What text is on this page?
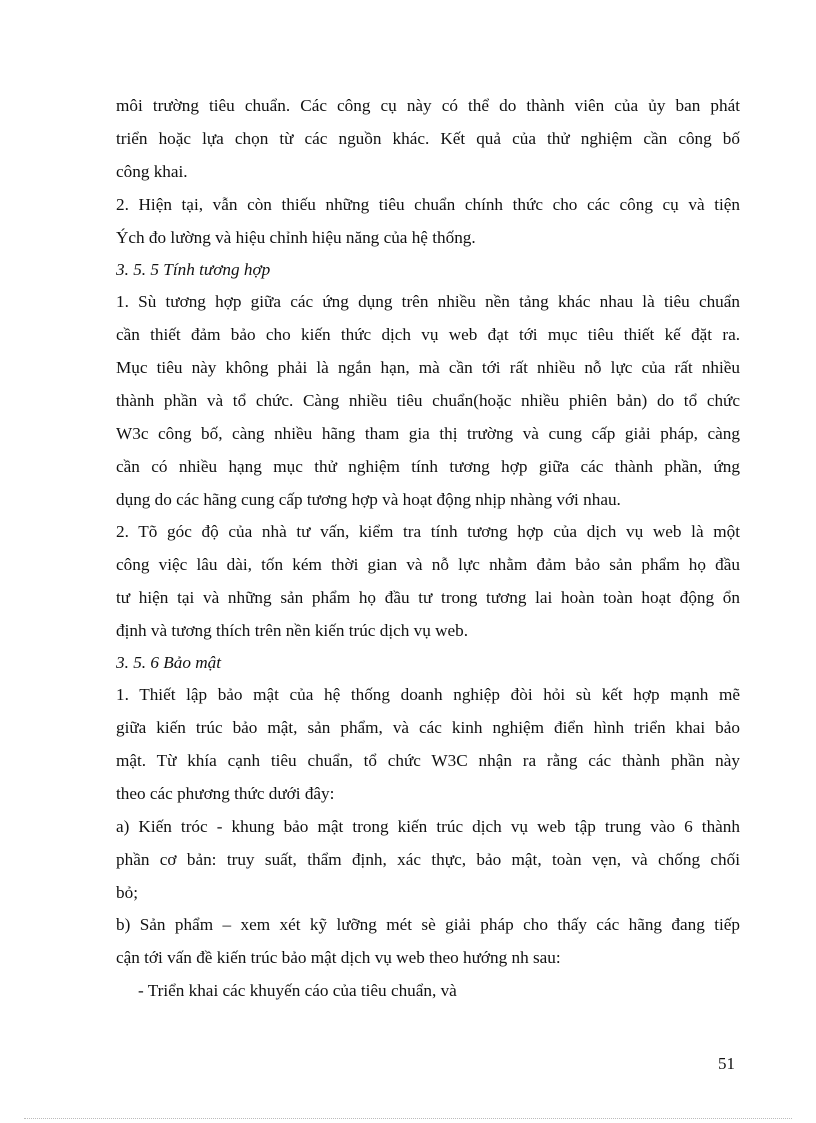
môi trường tiêu chuẩn. Các công cụ này có thể do thành viên của ủy ban phát
triển hoặc lựa chọn từ các nguồn khác. Kết quả của thử nghiệm cần công bố
công khai.
2. Hiện tại, vẫn còn thiếu những tiêu chuẩn chính thức cho các công cụ và tiện
Ých đo lường và hiệu chỉnh hiệu năng của hệ thống.
3. 5. 5 Tính tương hợp
1. Sù tương hợp giữa các ứng dụng trên nhiều nền tảng khác nhau là tiêu chuẩn
cần thiết đảm bảo cho kiến thức dịch vụ web đạt tới mục tiêu thiết kế đặt ra.
Mục tiêu này không phải là ngắn hạn, mà cần tới rất nhiều nỗ lực của rất nhiều
thành phần và tổ chức. Càng nhiều tiêu chuẩn(hoặc nhiều phiên bản) do tổ chức
W3c công bố, càng nhiều hãng tham gia thị trường và cung cấp giải pháp, càng
cần có nhiều hạng mục thử nghiệm tính tương hợp giữa các thành phần, ứng
dụng do các hãng cung cấp tương hợp và hoạt động nhịp nhàng với nhau.
2. Tõ góc độ của nhà tư vấn, kiểm tra tính tương hợp của dịch vụ web là một
công việc lâu dài, tốn kém thời gian và nỗ lực nhằm đảm bảo sản phẩm họ đầu
tư hiện tại và những sản phẩm họ đầu tư trong tương lai hoàn toàn hoạt động ổn
định và tương thích trên nền kiến trúc dịch vụ web.
3. 5. 6 Bảo mật
1. Thiết lập bảo mật của hệ thống doanh nghiệp đòi hỏi sù kết hợp mạnh mẽ
giữa kiến trúc bảo mật, sản phẩm, và các kinh nghiệm điển hình triển khai bảo
mật. Từ khía cạnh tiêu chuẩn, tổ chức W3C nhận ra rằng các thành phần này
theo các phương thức dưới đây:
a) Kiến tróc - khung bảo mật trong kiến trúc dịch vụ web tập trung vào 6 thành
phần cơ bản: truy suất, thẩm định, xác thực, bảo mật, toàn vẹn, và chống chối
bỏ;
b) Sản phẩm – xem xét kỹ lưỡng mét sè giải pháp cho thấy các hãng đang tiếp
cận tới vấn đề kiến trúc bảo mật dịch vụ web theo hướng nh sau:
- Triển khai các khuyến cáo của tiêu chuẩn, và
51
